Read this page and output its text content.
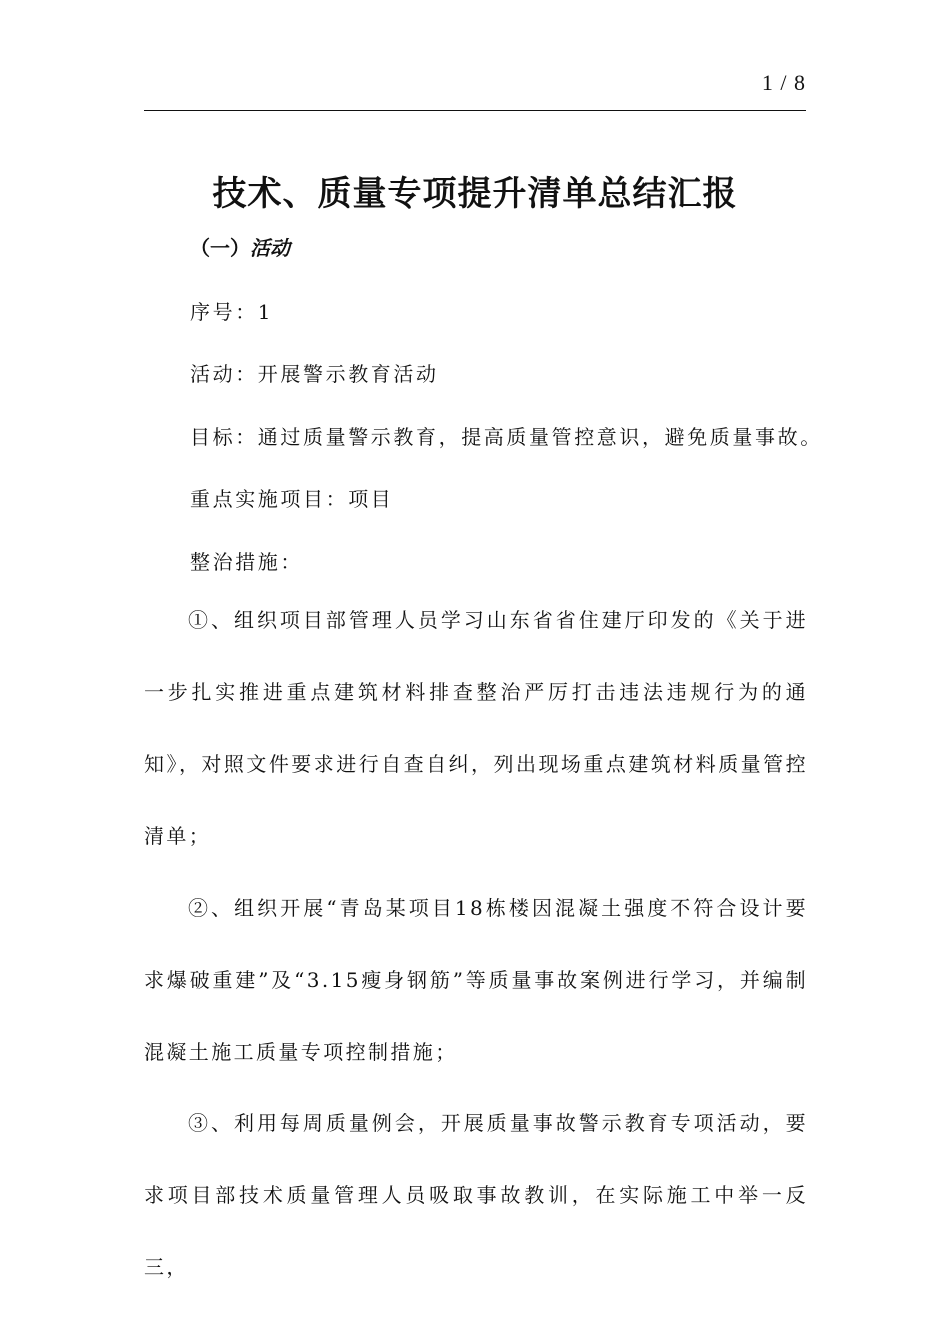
1 / 8
技术、质量专项提升清单总结汇报
（一）活动

序号：1

活动：开展警示教育活动

目标：通过质量警示教育，提高质量管控意识，避免质量事故。

重点实施项目：项目

整治措施：

①、组织项目部管理人员学习山东省省住建厅印发的《关于进一步扎实推进重点建筑材料排查整治严厉打击违法违规行为的通知》，对照文件要求进行自查自纠，列出现场重点建筑材料质量管控清单；

②、组织开展“青岛某项目18栋楼因混凝土强度不符合设计要求爆破重建”及“3.15瘦身钢筋”等质量事故案例进行学习，并编制混凝土施工质量专项控制措施；

③、利用每周质量例会，开展质量事故警示教育专项活动，要求项目部技术质量管理人员吸取事故教训，在实际施工中举一反三，
